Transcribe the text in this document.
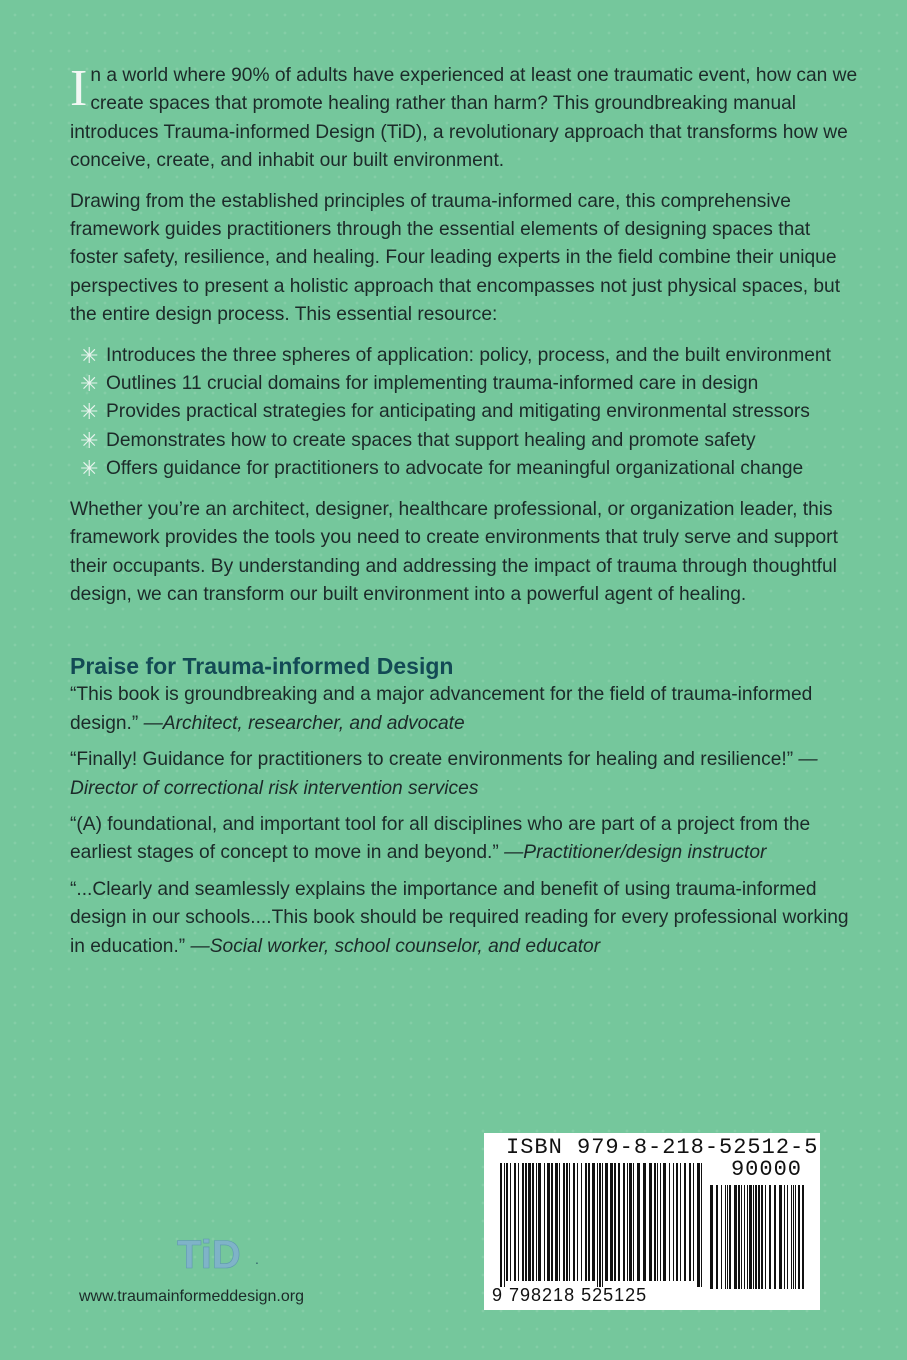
In a world where 90% of adults have experienced at least one traumatic event, how can we create spaces that promote healing rather than harm? This groundbreaking manual introduces Trauma-informed Design (TiD), a revolutionary approach that transforms how we conceive, create, and inhabit our built environment.

Drawing from the established principles of trauma-informed care, this comprehensive framework guides practitioners through the essential elements of designing spaces that foster safety, resilience, and healing. Four leading experts in the field combine their unique perspectives to present a holistic approach that encompasses not just physical spaces, but the entire design process. This essential resource:

✳ Introduces the three spheres of application: policy, process, and the built environment
✳ Outlines 11 crucial domains for implementing trauma-informed care in design
✳ Provides practical strategies for anticipating and mitigating environmental stressors
✳ Demonstrates how to create spaces that support healing and promote safety
✳ Offers guidance for practitioners to advocate for meaningful organizational change

Whether you’re an architect, designer, healthcare professional, or organization leader, this framework provides the tools you need to create environments that truly serve and support their occupants. By understanding and addressing the impact of trauma through thoughtful design, we can transform our built environment into a powerful agent of healing.

Praise for Trauma-informed Design

“This book is groundbreaking and a major advancement for the field of trauma-informed design.” —Architect, researcher, and advocate

“Finally! Guidance for practitioners to create environments for healing and resilience!” —Director of correctional risk intervention services

“(A) foundational, and important tool for all disciplines who are part of a project from the earliest stages of concept to move in and beyond.” —Practitioner/design instructor

“...Clearly and seamlessly explains the importance and benefit of using trauma-informed design in our schools....This book should be required reading for every professional working in education.” —Social worker, school counselor, and educator

TiD .
www.traumainformeddesign.org
ISBN 979-8-218-52512-5
90000
9 798218 525125
